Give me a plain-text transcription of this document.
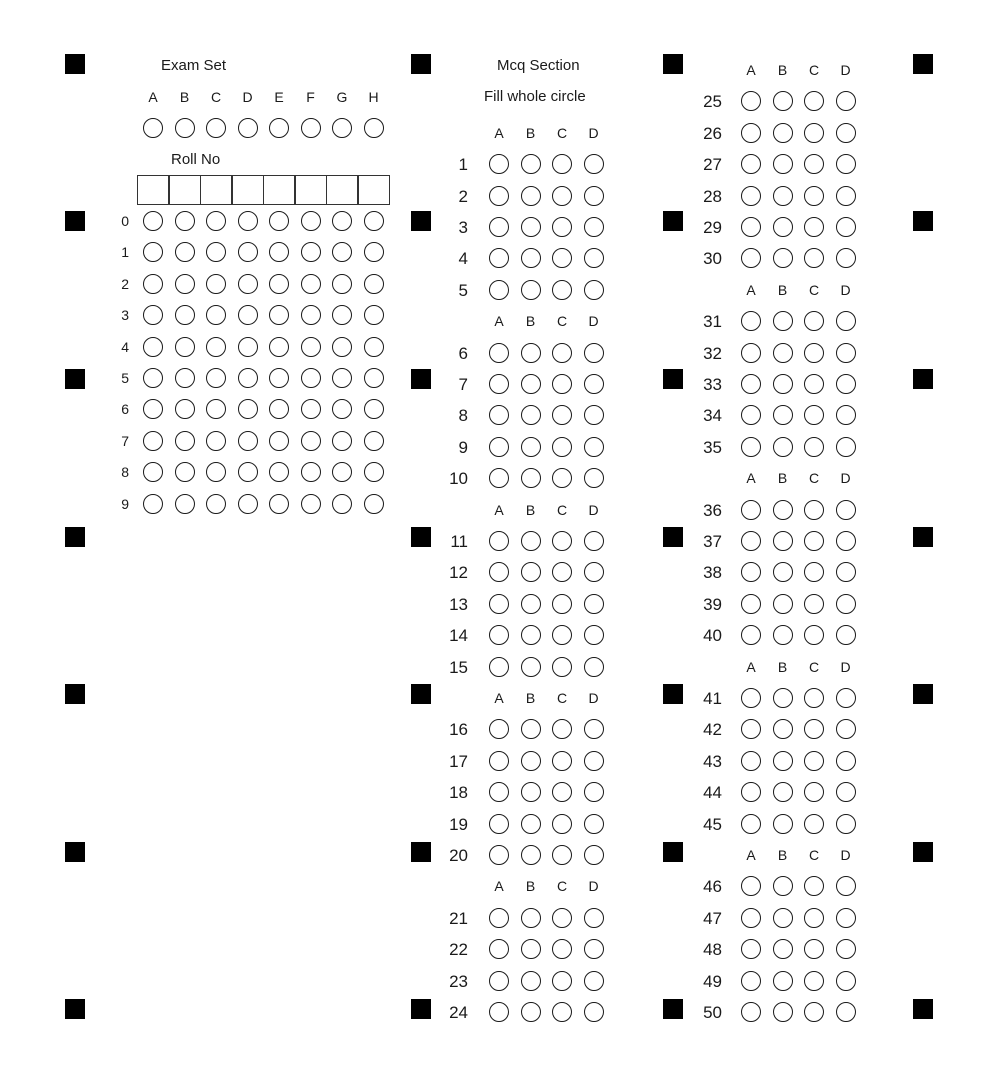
Exam Set
A	B	C	D	E	F	G	H
Roll No
0
1
2
3
4
5
6
7
8
9
Mcq Section
Fill whole circle
A	B	C	D
1
2
3
4
5
A	B	C	D
6
7
8
9
10
A	B	C	D
11
12
13
14
15
A	B	C	D
16
17
18
19
20
A	B	C	D
21
22
23
24
A	B	C	D
25
26
27
28
29
30
A	B	C	D
31
32
33
34
35
A	B	C	D
36
37
38
39
40
A	B	C	D
41
42
43
44
45
A	B	C	D
46
47
48
49
50
